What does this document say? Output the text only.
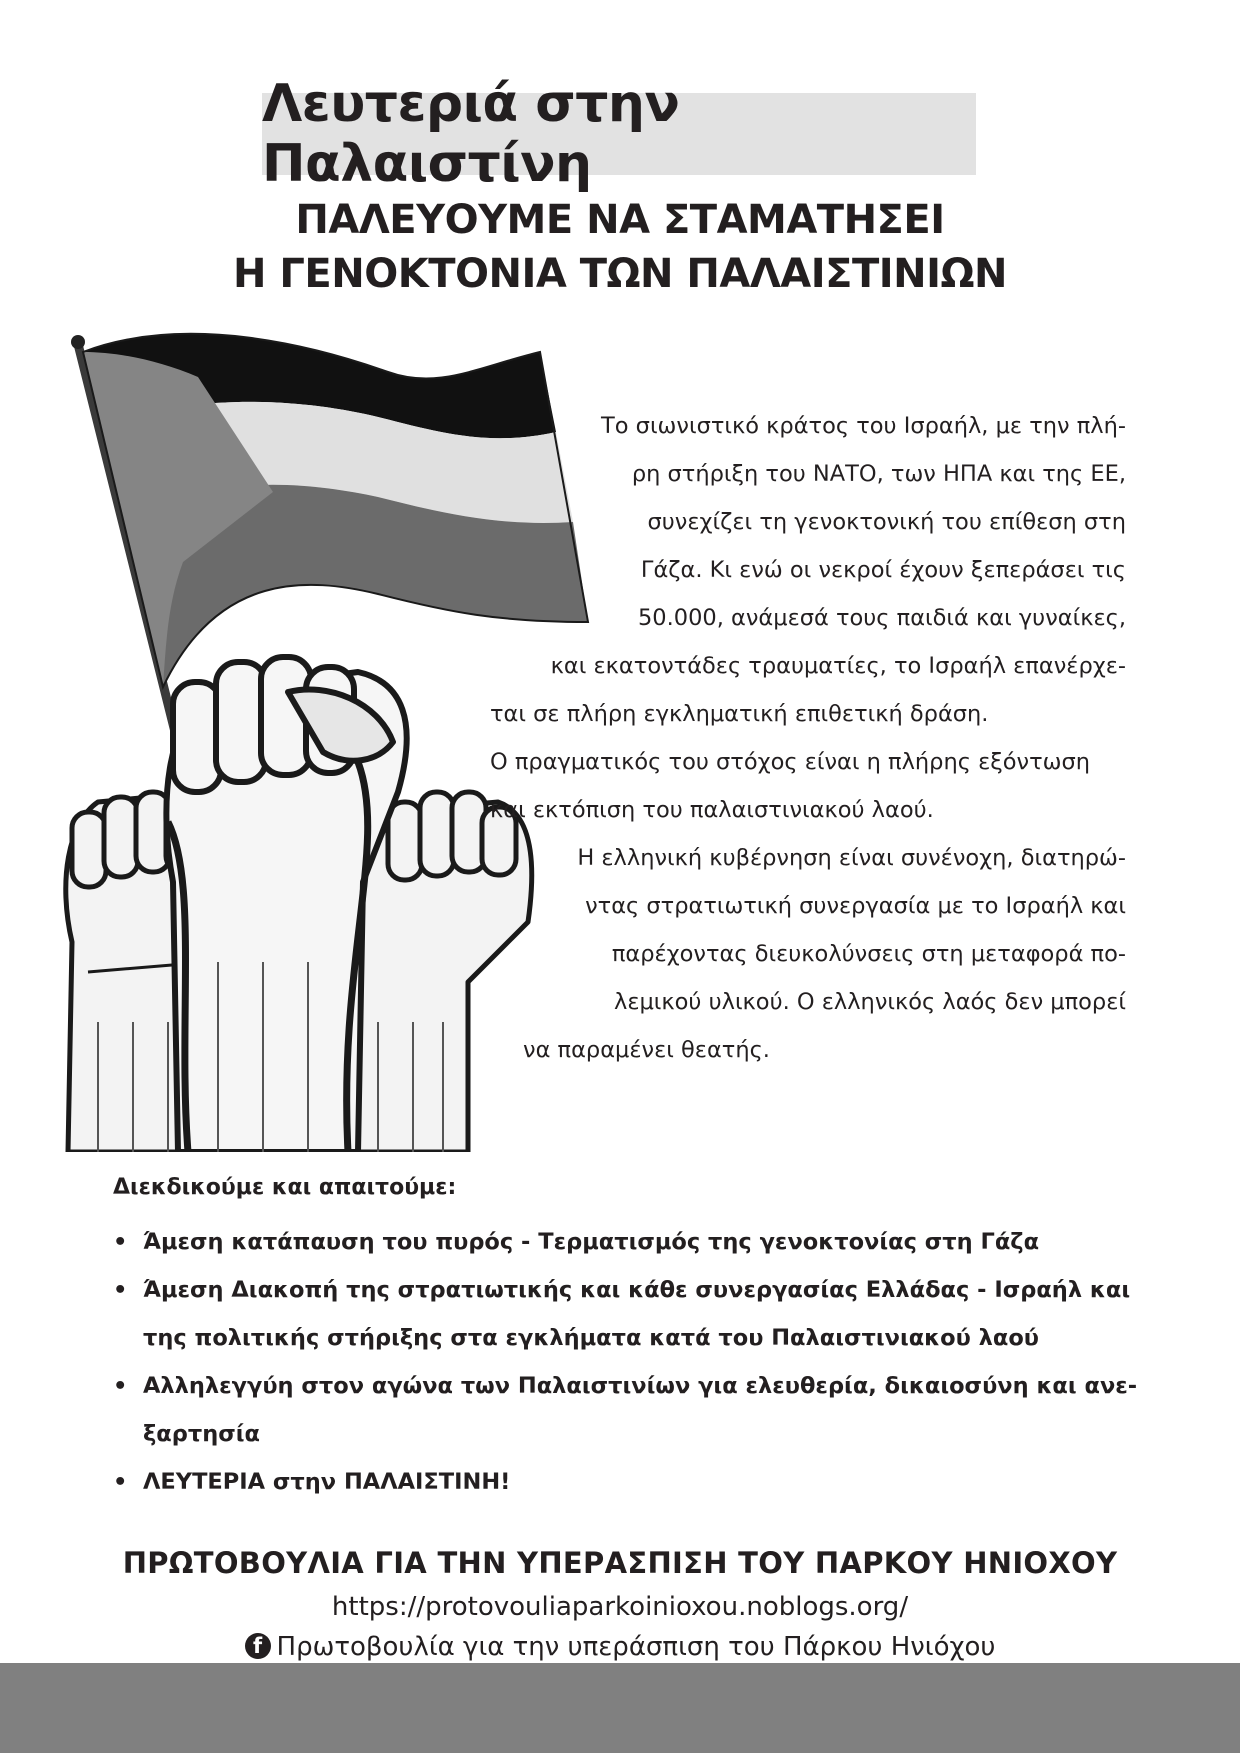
Λευτεριά στην Παλαιστίνη
ΠΑΛΕΥΟΥΜΕ ΝΑ ΣΤΑΜΑΤΗΣΕΙ
Η ΓΕΝΟΚΤΟΝΙΑ ΤΩΝ ΠΑΛΑΙΣΤΙΝΙΩΝ

Το σιωνιστικό κράτος του Ισραήλ, με την πλή-
ρη στήριξη του ΝΑΤΟ, των ΗΠΑ και της ΕΕ,
συνεχίζει τη γενοκτονική του επίθεση στη
Γάζα. Κι ενώ οι νεκροί έχουν ξεπεράσει τις
50.000, ανάμεσά τους παιδιά και γυναίκες,
και εκατοντάδες τραυματίες, το Ισραήλ επανέρχε-
ται σε πλήρη εγκληματική επιθετική δράση.

Ο πραγματικός του στόχος είναι η πλήρης εξόντωση
και εκτόπιση του παλαιστινιακού λαού.

Η ελληνική κυβέρνηση είναι συνένοχη, διατηρώ-
ντας στρατιωτική συνεργασία με το Ισραήλ και
παρέχοντας διευκολύνσεις στη μεταφορά πο-
λεμικού υλικού. Ο ελληνικός λαός δεν μπορεί
να παραμένει θεατής.

Διεκδικούμε και απαιτούμε:
• Άμεση κατάπαυση του πυρός - Τερματισμός της γενοκτονίας στη Γάζα
• Άμεση Διακοπή της στρατιωτικής και κάθε συνεργασίας Ελλάδας - Ισραήλ και
της πολιτικής στήριξης στα εγκλήματα κατά του Παλαιστινιακού λαού
• Αλληλεγγύη στον αγώνα των Παλαιστινίων για ελευθερία, δικαιοσύνη και ανε-
ξαρτησία
• ΛΕΥΤΕΡΙΑ στην ΠΑΛΑΙΣΤΙΝΗ!
ΠΡΩΤΟΒΟΥΛΙΑ ΓΙΑ ΤΗΝ ΥΠΕΡΑΣΠΙΣΗ ΤΟΥ ΠΑΡΚΟΥ ΗΝΙΟΧΟΥ
https://protovouliaparkoinioxou.noblogs.org/
f Πρωτοβουλία για την υπεράσπιση του Πάρκου Ηνιόχου
